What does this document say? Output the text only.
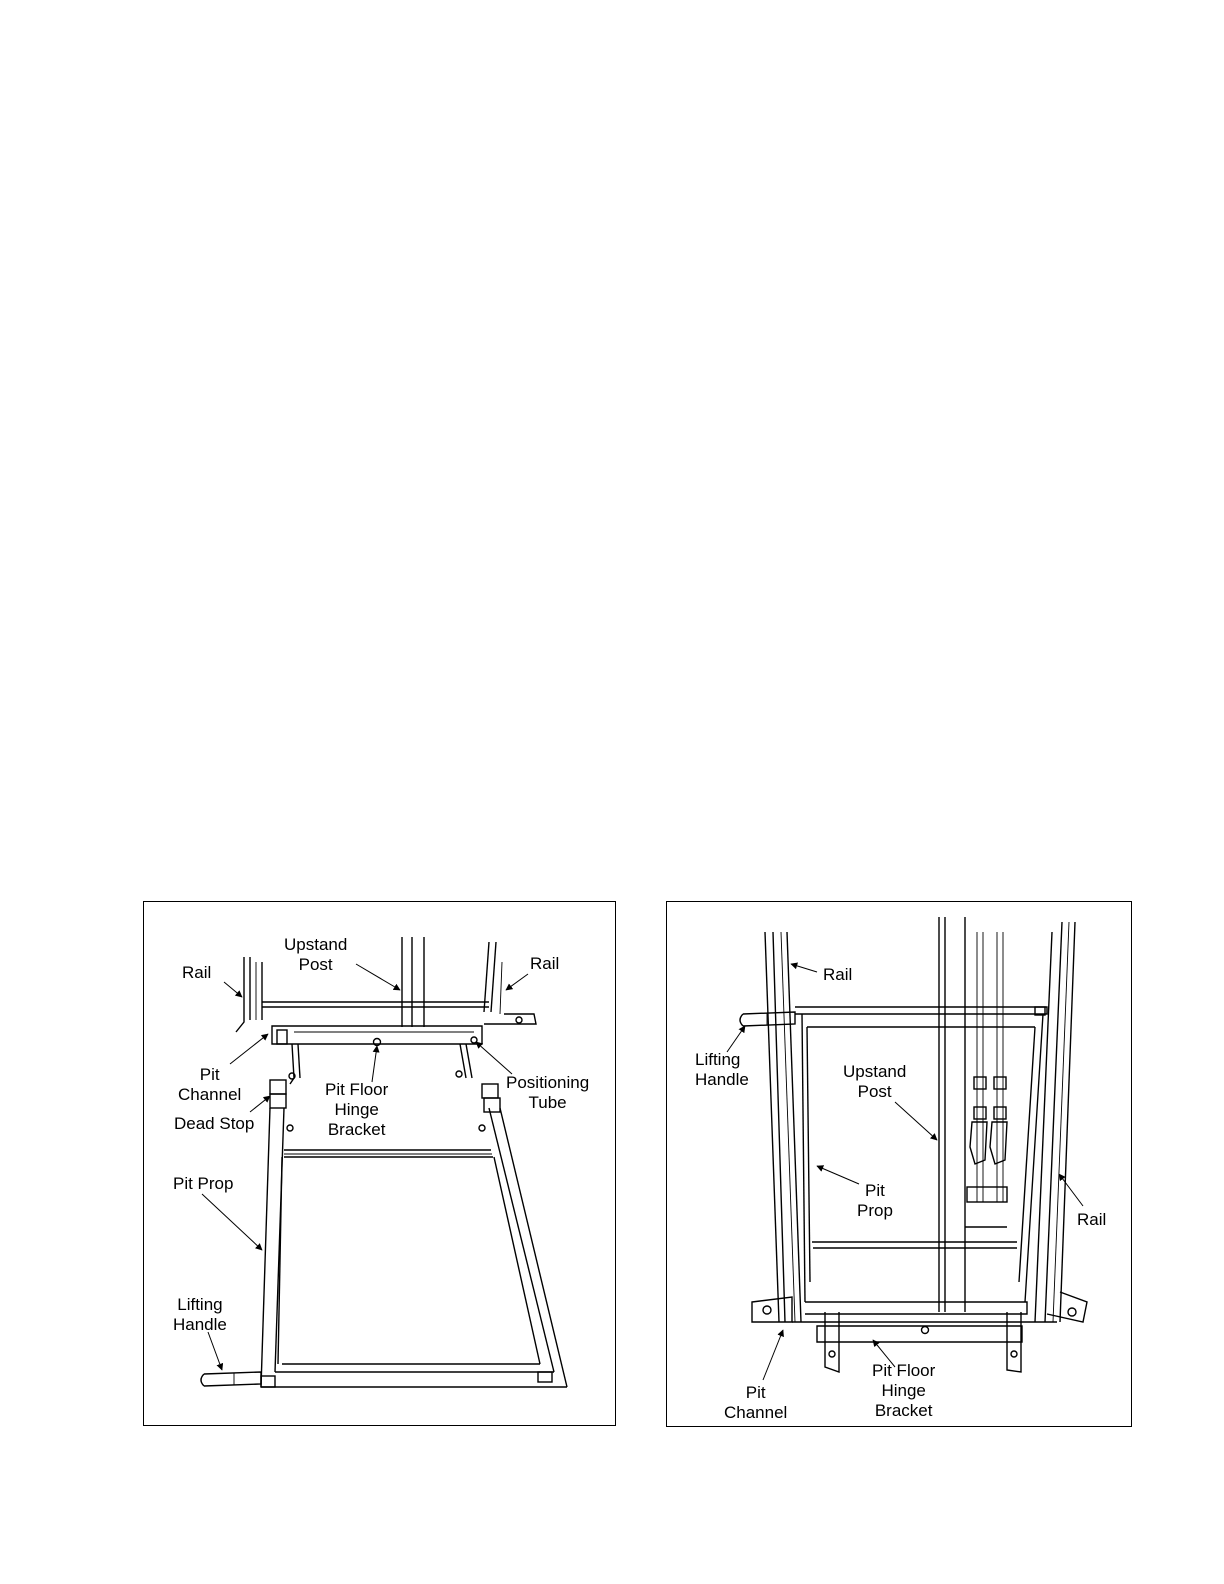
Rail
Upstand
Post	Rail
Pit
Channel	Pit Floor
Hinge
Bracket
Positioning
Tube
Dead Stop
Pit Prop
Lifting
Handle
Rail
Lifting
Handle	Upstand
Post
Pit
Prop	Rail
Pit
Channel
Pit Floor
Hinge
Bracket
